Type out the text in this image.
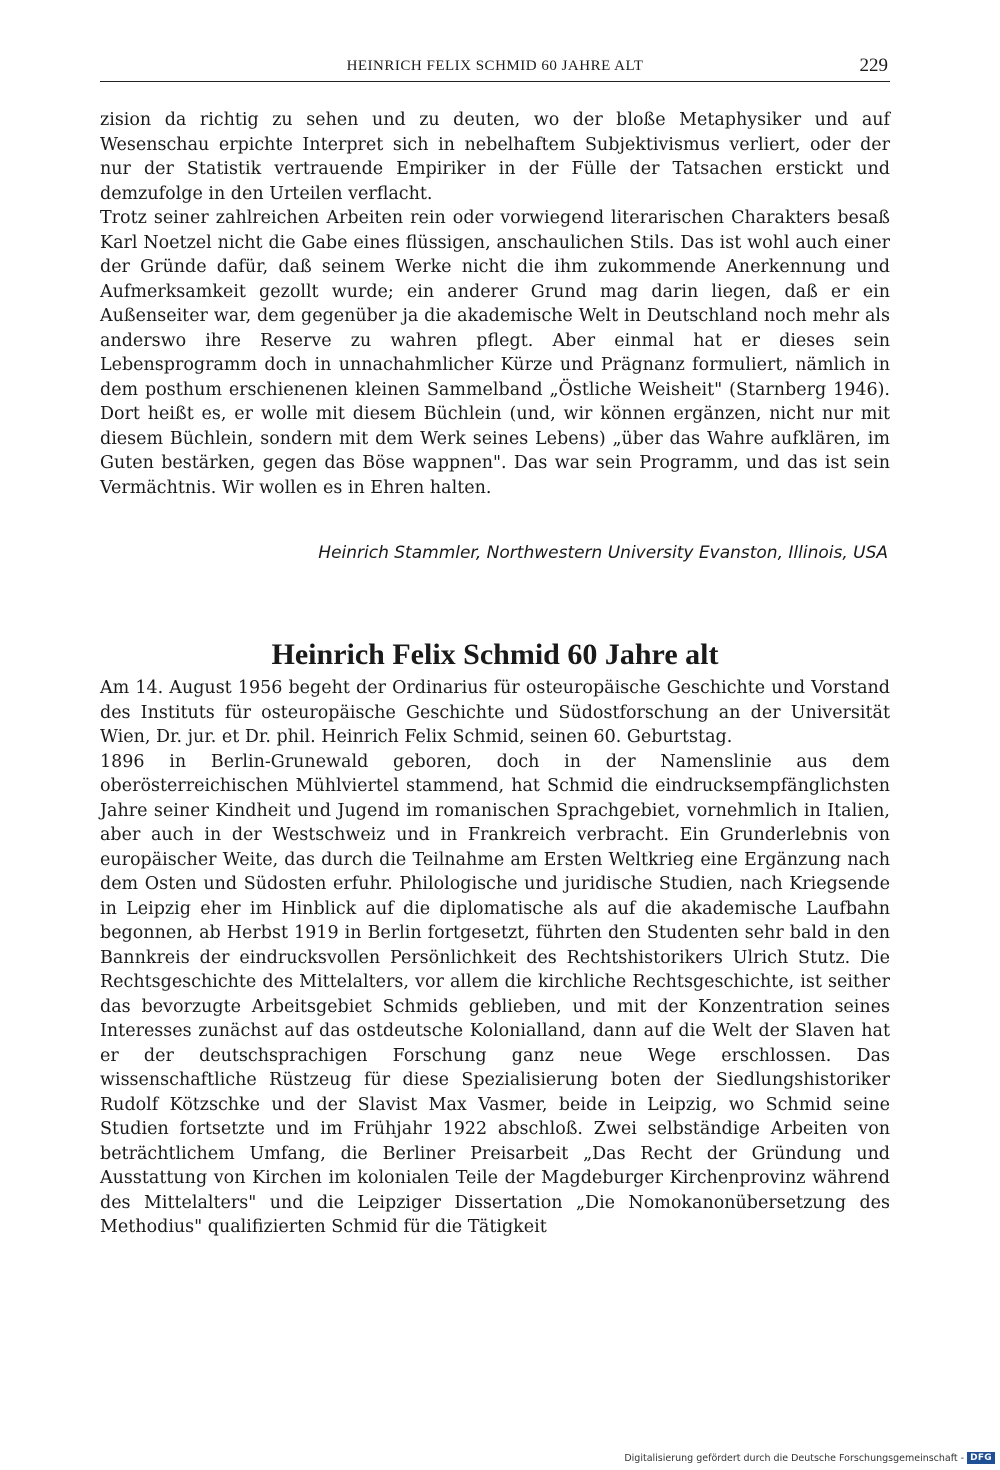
HEINRICH FELIX SCHMID 60 JAHRE ALT	229

zision da richtig zu sehen und zu deuten, wo der bloße Metaphysiker und auf Wesenschau erpichte Interpret sich in nebelhaftem Subjektivismus verliert, oder der nur der Statistik vertrauende Empiriker in der Fülle der Tatsachen erstickt und demzufolge in den Urteilen verflacht.

Trotz seiner zahlreichen Arbeiten rein oder vorwiegend literarischen Charakters besaß Karl Noetzel nicht die Gabe eines flüssigen, anschaulichen Stils. Das ist wohl auch einer der Gründe dafür, daß seinem Werke nicht die ihm zukommende Anerkennung und Aufmerksamkeit gezollt wurde; ein anderer Grund mag darin liegen, daß er ein Außenseiter war, dem gegenüber ja die akademische Welt in Deutschland noch mehr als anderswo ihre Reserve zu wahren pflegt. Aber einmal hat er dieses sein Lebensprogramm doch in unnachahmlicher Kürze und Prägnanz formuliert, nämlich in dem posthum erschienenen kleinen Sammelband „Östliche Weisheit" (Starnberg 1946). Dort heißt es, er wolle mit diesem Büchlein (und, wir können ergänzen, nicht nur mit diesem Büchlein, sondern mit dem Werk seines Lebens) „über das Wahre aufklären, im Guten bestärken, gegen das Böse wappnen". Das war sein Programm, und das ist sein Vermächtnis. Wir wollen es in Ehren halten.

Heinrich Stammler, Northwestern University Evanston, Illinois, USA
Heinrich Felix Schmid 60 Jahre alt

Am 14. August 1956 begeht der Ordinarius für osteuropäische Geschichte und Vorstand des Instituts für osteuropäische Geschichte und Südostforschung an der Universität Wien, Dr. jur. et Dr. phil. Heinrich Felix Schmid, seinen 60. Geburtstag.

1896 in Berlin-Grunewald geboren, doch in der Namenslinie aus dem oberösterreichischen Mühlviertel stammend, hat Schmid die eindrucksempfänglichsten Jahre seiner Kindheit und Jugend im romanischen Sprachgebiet, vornehmlich in Italien, aber auch in der Westschweiz und in Frankreich verbracht. Ein Grunderlebnis von europäischer Weite, das durch die Teilnahme am Ersten Weltkrieg eine Ergänzung nach dem Osten und Südosten erfuhr. Philologische und juridische Studien, nach Kriegsende in Leipzig eher im Hinblick auf die diplomatische als auf die akademische Laufbahn begonnen, ab Herbst 1919 in Berlin fortgesetzt, führten den Studenten sehr bald in den Bannkreis der eindrucksvollen Persönlichkeit des Rechtshistorikers Ulrich Stutz. Die Rechtsgeschichte des Mittelalters, vor allem die kirchliche Rechtsgeschichte, ist seither das bevorzugte Arbeitsgebiet Schmids geblieben, und mit der Konzentration seines Interesses zunächst auf das ostdeutsche Kolonialland, dann auf die Welt der Slaven hat er der deutschsprachigen Forschung ganz neue Wege erschlossen. Das wissenschaftliche Rüstzeug für diese Spezialisierung boten der Siedlungshistoriker Rudolf Kötzschke und der Slavist Max Vasmer, beide in Leipzig, wo Schmid seine Studien fortsetzte und im Frühjahr 1922 abschloß. Zwei selbständige Arbeiten von beträchtlichem Umfang, die Berliner Preisarbeit „Das Recht der Gründung und Ausstattung von Kirchen im kolonialen Teile der Magdeburger Kirchenprovinz während des Mittelalters" und die Leipziger Dissertation „Die Nomokanonübersetzung des Methodius" qualifizierten Schmid für die Tätigkeit

Digitalisierung gefördert durch die Deutsche Forschungsgemeinschaft - DFG
